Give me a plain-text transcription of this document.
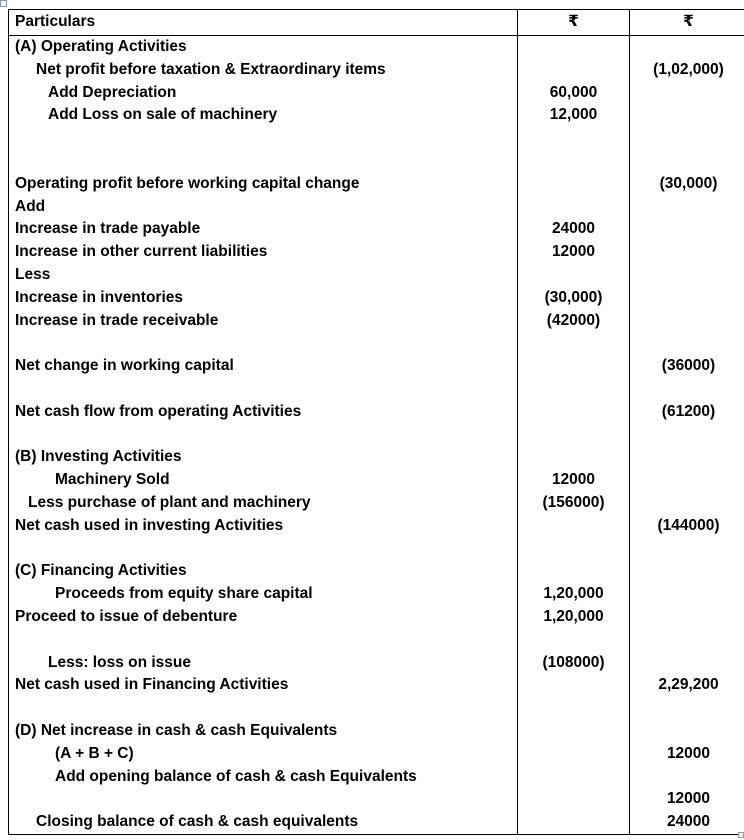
Particulars	₹	₹
(A) Operating Activities		
Net profit before taxation & Extraordinary items		(1,02,000)
Add Depreciation	60,000	
Add Loss on sale of machinery	12,000	

Operating profit before working capital change		(30,000)
Add		
Increase in trade payable	24000	
Increase in other current liabilities	12000	
Less		
Increase in inventories	(30,000)	
Increase in trade receivable	(42000)	

Net change in working capital		(36000)

Net cash flow from operating Activities		(61200)

(B) Investing Activities		
Machinery Sold	12000	
Less purchase of plant and machinery	(156000)	
Net cash used in investing Activities		(144000)

(C) Financing Activities		
Proceeds from equity share capital	1,20,000	
Proceed to issue of debenture	1,20,000	

Less: loss on issue	(108000)	
Net cash used in Financing Activities		2,29,200

(D) Net increase in cash & cash Equivalents		
(A + B + C)		12000
Add opening balance of cash & cash Equivalents		
		12000
Closing balance of cash & cash equivalents		24000
